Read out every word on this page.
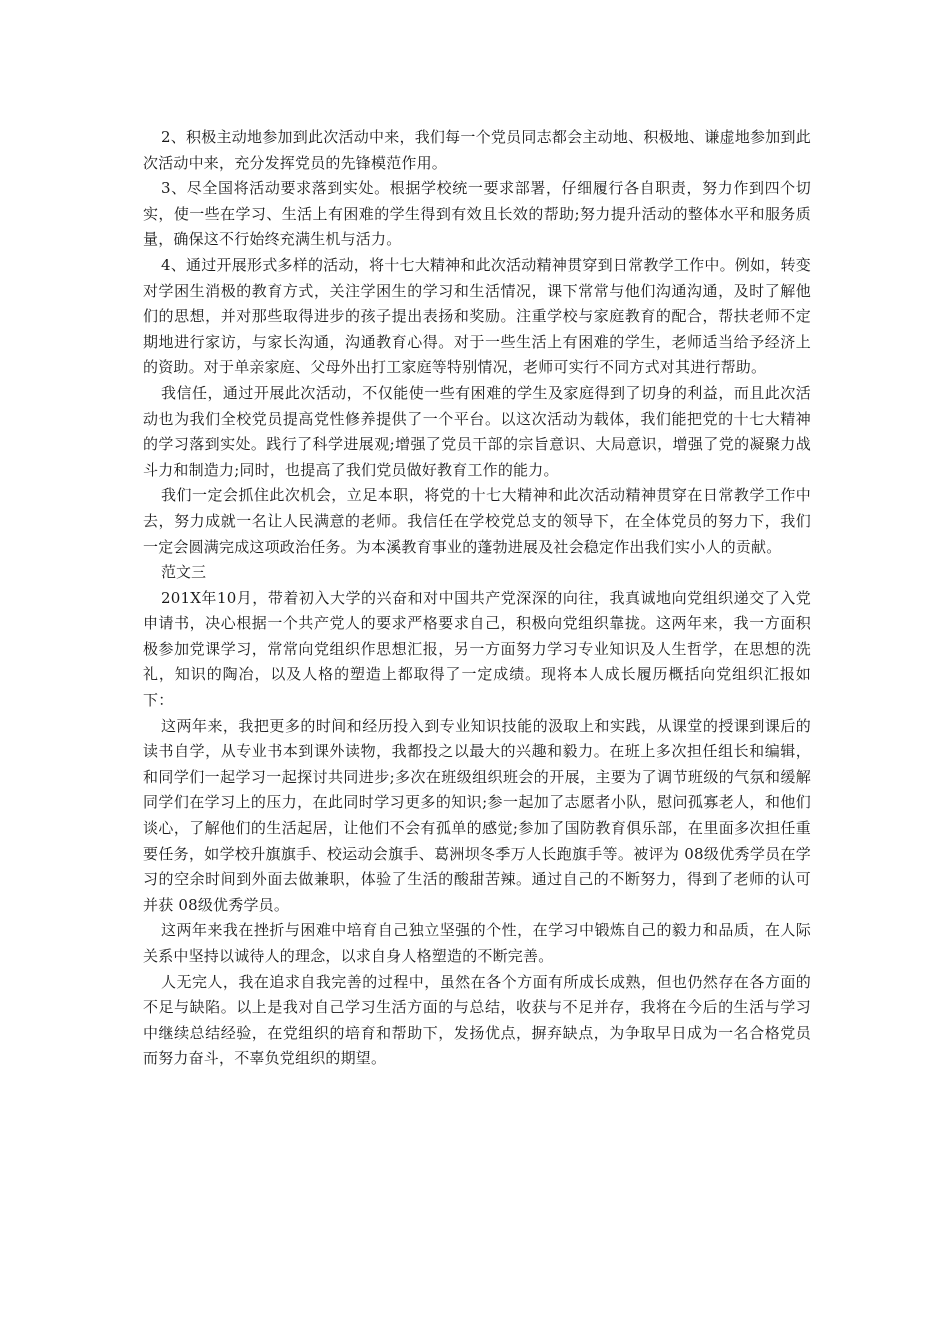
2、积极主动地参加到此次活动中来，我们每一个党员同志都会主动地、积极地、谦虚地参加到此次活动中来，充分发挥党员的先锋模范作用。

3、尽全国将活动要求落到实处。根据学校统一要求部署，仔细履行各自职责，努力作到四个切实，使一些在学习、生活上有困难的学生得到有效且长效的帮助;努力提升活动的整体水平和服务质量，确保这不行始终充满生机与活力。

4、通过开展形式多样的活动，将十七大精神和此次活动精神贯穿到日常教学工作中。例如，转变对学困生消极的教育方式，关注学困生的学习和生活情况，课下常常与他们沟通沟通，及时了解他们的思想，并对那些取得进步的孩子提出表扬和奖励。注重学校与家庭教育的配合，帮扶老师不定期地进行家访，与家长沟通，沟通教育心得。对于一些生活上有困难的学生，老师适当给予经济上的资助。对于单亲家庭、父母外出打工家庭等特别情况，老师可实行不同方式对其进行帮助。

我信任，通过开展此次活动，不仅能使一些有困难的学生及家庭得到了切身的利益，而且此次活动也为我们全校党员提高党性修养提供了一个平台。以这次活动为载体，我们能把党的十七大精神的学习落到实处。践行了科学进展观;增强了党员干部的宗旨意识、大局意识，增强了党的凝聚力战斗力和制造力;同时，也提高了我们党员做好教育工作的能力。

我们一定会抓住此次机会，立足本职，将党的十七大精神和此次活动精神贯穿在日常教学工作中去，努力成就一名让人民满意的老师。我信任在学校党总支的领导下，在全体党员的努力下，我们一定会圆满完成这项政治任务。为本溪教育事业的蓬勃进展及社会稳定作出我们实小人的贡献。

范文三

201X年10月，带着初入大学的兴奋和对中国共产党深深的向往，我真诚地向党组织递交了入党申请书，决心根据一个共产党人的要求严格要求自己，积极向党组织靠拢。这两年来，我一方面积极参加党课学习，常常向党组织作思想汇报，另一方面努力学习专业知识及人生哲学，在思想的洗礼，知识的陶冶，以及人格的塑造上都取得了一定成绩。现将本人成长履历概括向党组织汇报如下：

这两年来，我把更多的时间和经历投入到专业知识技能的汲取上和实践，从课堂的授课到课后的读书自学，从专业书本到课外读物，我都投之以最大的兴趣和毅力。在班上多次担任组长和编辑，和同学们一起学习一起探讨共同进步;多次在班级组织班会的开展，主要为了调节班级的气氛和缓解同学们在学习上的压力，在此同时学习更多的知识;参一起加了志愿者小队，慰问孤寡老人，和他们谈心，了解他们的生活起居，让他们不会有孤单的感觉;参加了国防教育俱乐部，在里面多次担任重要任务，如学校升旗旗手、校运动会旗手、葛洲坝冬季万人长跑旗手等。被评为 08级优秀学员在学习的空余时间到外面去做兼职，体验了生活的酸甜苦辣。通过自己的不断努力，得到了老师的认可并获 08级优秀学员。

这两年来我在挫折与困难中培育自己独立坚强的个性，在学习中锻炼自己的毅力和品质，在人际关系中坚持以诚待人的理念，以求自身人格塑造的不断完善。

人无完人，我在追求自我完善的过程中，虽然在各个方面有所成长成熟，但也仍然存在各方面的不足与缺陷。以上是我对自己学习生活方面的与总结，收获与不足并存，我将在今后的生活与学习中继续总结经验，在党组织的培育和帮助下，发扬优点，摒弃缺点，为争取早日成为一名合格党员而努力奋斗，不辜负党组织的期望。
